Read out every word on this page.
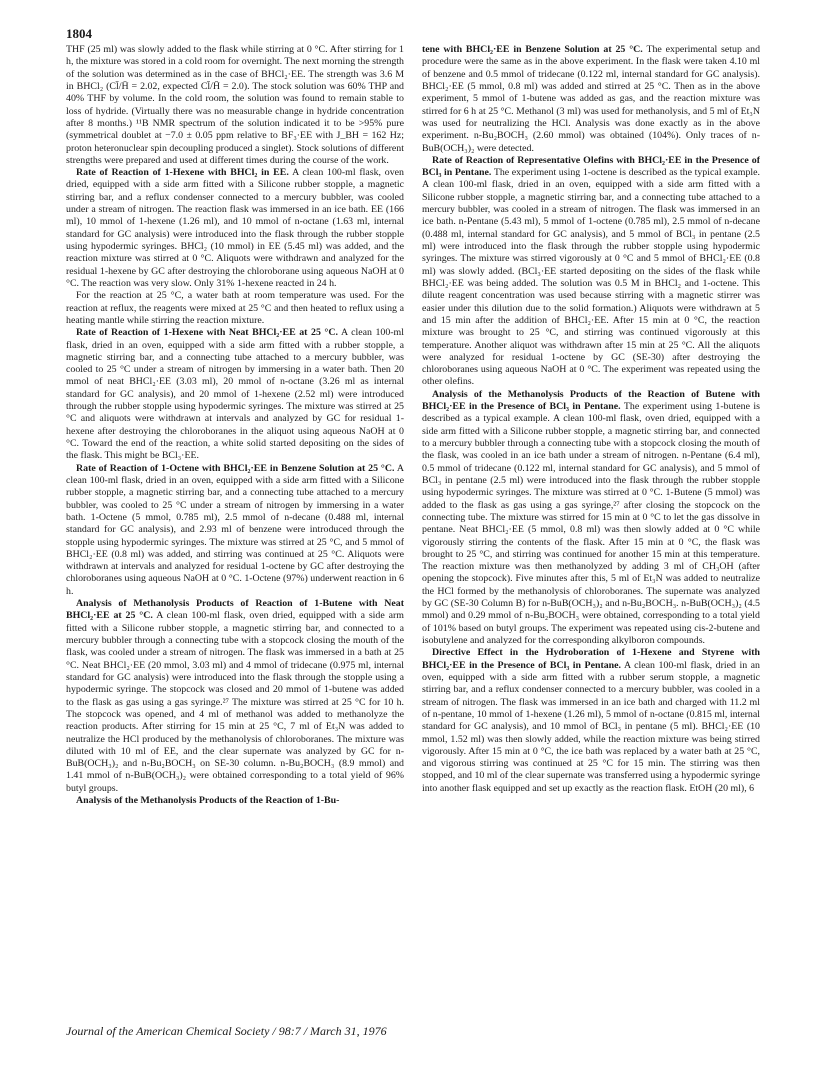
1804

THF (25 ml) was slowly added to the flask while stirring at 0 °C. After stirring for 1 h, the mixture was stored in a cold room for overnight. The next morning the strength of the solution was determined as in the case of BHCl₂·EE. The strength was 3.6 M in BHCl₂ (Cl̄/H̄ = 2.02, expected Cl̄/H̄ = 2.0). The stock solution was 60% THP and 40% THF by volume. In the cold room, the solution was found to remain stable to loss of hydride. (Virtually there was no measurable change in hydride concentration after 8 months.) ¹¹B NMR spectrum of the solution indicated it to be >95% pure (symmetrical doublet at −7.0 ± 0.05 ppm relative to BF₃·EE with J_BH = 162 Hz; proton heteronuclear spin decoupling produced a singlet). Stock solutions of different strengths were prepared and used at different times during the course of the work.

Rate of Reaction of 1-Hexene with BHCl₂ in EE. A clean 100-ml flask, oven dried, equipped with a side arm fitted with a Silicone rubber stopple, a magnetic stirring bar, and a reflux condenser connected to a mercury bubbler, was cooled under a stream of nitrogen. The reaction flask was immersed in an ice bath. EE (166 ml), 10 mmol of 1-hexene (1.26 ml), and 10 mmol of n-octane (1.63 ml, internal standard for GC analysis) were introduced into the flask through the rubber stopple using hypodermic syringes. BHCl₂ (10 mmol) in EE (5.45 ml) was added, and the reaction mixture was stirred at 0 °C. Aliquots were withdrawn and analyzed for the residual 1-hexene by GC after destroying the chloroborane using aqueous NaOH at 0 °C. The reaction was very slow. Only 31% 1-hexene reacted in 24 h.

For the reaction at 25 °C, a water bath at room temperature was used. For the reaction at reflux, the reagents were mixed at 25 °C and then heated to reflux using a heating mantle while stirring the reaction mixture.

Rate of Reaction of 1-Hexene with Neat BHCl₂·EE at 25 °C. A clean 100-ml flask, dried in an oven, equipped with a side arm fitted with a rubber stopple, a magnetic stirring bar, and a connecting tube attached to a mercury bubbler, was cooled to 25 °C under a stream of nitrogen by immersing in a water bath. Then 20 mmol of neat BHCl₂·EE (3.03 ml), 20 mmol of n-octane (3.26 ml as internal standard for GC analysis), and 20 mmol of 1-hexene (2.52 ml) were introduced through the rubber stopple using hypodermic syringes. The mixture was stirred at 25 °C and aliquots were withdrawn at intervals and analyzed by GC for residual 1-hexene after destroying the chloroboranes in the aliquot using aqueous NaOH at 0 °C. Toward the end of the reaction, a white solid started depositing on the sides of the flask. This might be BCl₃·EE.

Rate of Reaction of 1-Octene with BHCl₂·EE in Benzene Solution at 25 °C. A clean 100-ml flask, dried in an oven, equipped with a side arm fitted with a Silicone rubber stopple, a magnetic stirring bar, and a connecting tube attached to a mercury bubbler, was cooled to 25 °C under a stream of nitrogen by immersing in a water bath. 1-Octene (5 mmol, 0.785 ml), 2.5 mmol of n-decane (0.488 ml, internal standard for GC analysis), and 2.93 ml of benzene were introduced through the stopple using hypodermic syringes. The mixture was stirred at 25 °C, and 5 mmol of BHCl₂·EE (0.8 ml) was added, and stirring was continued at 25 °C. Aliquots were withdrawn at intervals and analyzed for residual 1-octene by GC after destroying the chloroboranes using aqueous NaOH at 0 °C. 1-Octene (97%) underwent reaction in 6 h.

Analysis of Methanolysis Products of Reaction of 1-Butene with Neat BHCl₂·EE at 25 °C. A clean 100-ml flask, oven dried, equipped with a side arm fitted with a Silicone rubber stopple, a magnetic stirring bar, and connected to a mercury bubbler through a connecting tube with a stopcock closing the mouth of the flask, was cooled under a stream of nitrogen. The flask was immersed in a bath at 25 °C. Neat BHCl₂·EE (20 mmol, 3.03 ml) and 4 mmol of tridecane (0.975 ml, internal standard for GC analysis) were introduced into the flask through the stopple using a hypodermic syringe. The stopcock was closed and 20 mmol of 1-butene was added to the flask as gas using a gas syringe.²⁷ The mixture was stirred at 25 °C for 10 h. The stopcock was opened, and 4 ml of methanol was added to methanolyze the reaction products. After stirring for 15 min at 25 °C, 7 ml of Et₃N was added to neutralize the HCl produced by the methanolysis of chloroboranes. The mixture was diluted with 10 ml of EE, and the clear supernate was analyzed by GC for n-BuB(OCH₃)₂ and n-Bu₂BOCH₃ on SE-30 column. n-Bu₂BOCH₃ (8.9 mmol) and 1.41 mmol of n-BuB(OCH₃)₂ were obtained corresponding to a total yield of 96% butyl groups.

Analysis of the Methanolysis Products of the Reaction of 1-Bu-

tene with BHCl₂·EE in Benzene Solution at 25 °C. The experimental setup and procedure were the same as in the above experiment. In the flask were taken 4.10 ml of benzene and 0.5 mmol of tridecane (0.122 ml, internal standard for GC analysis). BHCl₂·EE (5 mmol, 0.8 ml) was added and stirred at 25 °C. Then as in the above experiment, 5 mmol of 1-butene was added as gas, and the reaction mixture was stirred for 6 h at 25 °C. Methanol (3 ml) was used for methanolysis, and 5 ml of Et₃N was used for neutralizing the HCl. Analysis was done exactly as in the above experiment. n-Bu₂BOCH₃ (2.60 mmol) was obtained (104%). Only traces of n-BuB(OCH₃)₂ were detected.

Rate of Reaction of Representative Olefins with BHCl₂·EE in the Presence of BCl₃ in Pentane. The experiment using 1-octene is described as the typical example. A clean 100-ml flask, dried in an oven, equipped with a side arm fitted with a Silicone rubber stopple, a magnetic stirring bar, and a connecting tube attached to a mercury bubbler, was cooled in a stream of nitrogen. The flask was immersed in an ice bath. n-Pentane (5.43 ml), 5 mmol of 1-octene (0.785 ml), 2.5 mmol of n-decane (0.488 ml, internal standard for GC analysis), and 5 mmol of BCl₃ in pentane (2.5 ml) were introduced into the flask through the rubber stopple using hypodermic syringes. The mixture was stirred vigorously at 0 °C and 5 mmol of BHCl₂·EE (0.8 ml) was slowly added. (BCl₃·EE started depositing on the sides of the flask while BHCl₂·EE was being added. The solution was 0.5 M in BHCl₂ and 1-octene. This dilute reagent concentration was used because stirring with a magnetic stirrer was easier under this dilution due to the solid formation.) Aliquots were withdrawn at 5 and 15 min after the addition of BHCl₂·EE. After 15 min at 0 °C, the reaction mixture was brought to 25 °C, and stirring was continued vigorously at this temperature. Another aliquot was withdrawn after 15 min at 25 °C. All the aliquots were analyzed for residual 1-octene by GC (SE-30) after destroying the chloroboranes using aqueous NaOH at 0 °C. The experiment was repeated using the other olefins.

Analysis of the Methanolysis Products of the Reaction of Butene with BHCl₂·EE in the Presence of BCl₃ in Pentane. The experiment using 1-butene is described as a typical example. A clean 100-ml flask, oven dried, equipped with a side arm fitted with a Silicone rubber stopple, a magnetic stirring bar, and connected to a mercury bubbler through a connecting tube with a stopcock closing the mouth of the flask, was cooled in an ice bath under a stream of nitrogen. n-Pentane (6.4 ml), 0.5 mmol of tridecane (0.122 ml, internal standard for GC analysis), and 5 mmol of BCl₃ in pentane (2.5 ml) were introduced into the flask through the rubber stopple using hypodermic syringes. The mixture was stirred at 0 °C. 1-Butene (5 mmol) was added to the flask as gas using a gas syringe,²⁷ after closing the stopcock on the connecting tube. The mixture was stirred for 15 min at 0 °C to let the gas dissolve in pentane. Neat BHCl₂·EE (5 mmol, 0.8 ml) was then slowly added at 0 °C while vigorously stirring the contents of the flask. After 15 min at 0 °C, the flask was brought to 25 °C, and stirring was continued for another 15 min at this temperature. The reaction mixture was then methanolyzed by adding 3 ml of CH₃OH (after opening the stopcock). Five minutes after this, 5 ml of Et₃N was added to neutralize the HCl formed by the methanolysis of chloroboranes. The supernate was analyzed by GC (SE-30 Column B) for n-BuB(OCH₃)₂ and n-Bu₂BOCH₃. n-BuB(OCH₃)₂ (4.5 mmol) and 0.29 mmol of n-Bu₂BOCH₃ were obtained, corresponding to a total yield of 101% based on butyl groups. The experiment was repeated using cis-2-butene and isobutylene and analyzed for the corresponding alkylboron compounds.

Directive Effect in the Hydroboration of 1-Hexene and Styrene with BHCl₂·EE in the Presence of BCl₃ in Pentane. A clean 100-ml flask, dried in an oven, equipped with a side arm fitted with a rubber serum stopple, a magnetic stirring bar, and a reflux condenser connected to a mercury bubbler, was cooled in a stream of nitrogen. The flask was immersed in an ice bath and charged with 11.2 ml of n-pentane, 10 mmol of 1-hexene (1.26 ml), 5 mmol of n-octane (0.815 ml, internal standard for GC analysis), and 10 mmol of BCl₃ in pentane (5 ml). BHCl₂·EE (10 mmol, 1.52 ml) was then slowly added, while the reaction mixture was being stirred vigorously. After 15 min at 0 °C, the ice bath was replaced by a water bath at 25 °C, and vigorous stirring was continued at 25 °C for 15 min. The stirring was then stopped, and 10 ml of the clear supernate was transferred using a hypodermic syringe into another flask equipped and set up exactly as the reaction flask. EtOH (20 ml), 6

Journal of the American Chemical Society / 98:7 / March 31, 1976
